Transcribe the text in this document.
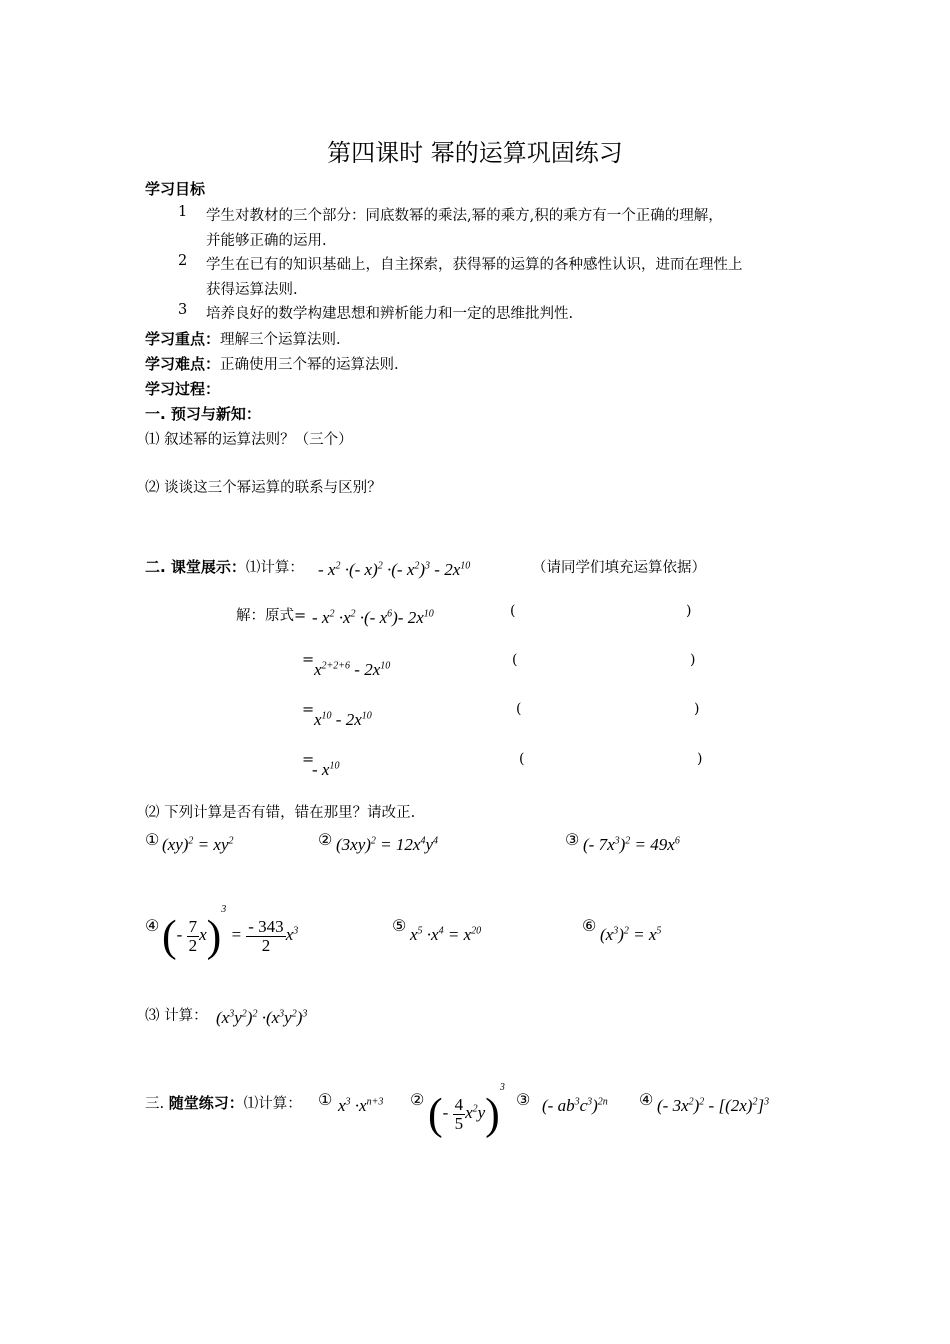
第四课时 幂的运算巩固练习
学习目标
1 学生对教材的三个部分：同底数幂的乘法,幂的乘方,积的乘方有一个正确的理解，
并能够正确的运用.
2 学生在已有的知识基础上，自主探索，获得幂的运算的各种感性认识，进而在理性上
获得运算法则.
3 培养良好的数学构建思想和辨析能力和一定的思维批判性.
学习重点：理解三个运算法则.
学习难点：正确使用三个幂的运算法则.
学习过程：
一. 预习与新知：
⑴ 叙述幂的运算法则？（三个）
⑵ 谈谈这三个幂运算的联系与区别？
二. 课堂展示：⑴计算： - $x^2$ ·(- x)$^2$ ·(- $x^2)^3 - 2x^{10}$	（请同学们填充运算依据）
解：原式= - $x^2 \cdot x^2$ ·(- $x^6)-$ $2x^{10}$	(	)
= $x^{2+2+6} - 2x^{10}$	(	)
= $x^{10} - 2x^{10}$	(	)
=
- $x^{10}$	(	)
⑵ 下列计算是否有错，错在那里？请改正.
① $(xy)^2 = xy^2$	② $(3xy)^2 = 12x^4y^4$	③ (- $7x^3)^2 = 49x^6$
④ (- $\frac{7}{2} x)^3 = \frac{- 343}{2} x^3$	⑤ $x^5 \cdot x^4 = x^{20}$	⑥ $(x^3)^2 = x^5$
⑶ 计算： $(x^3y^2)^2 \cdot(x^3y^2)^3$
三. 随堂练习：⑴计算： ① $x^3 \cdot x^{n+3}$ ② (- $\frac{4}{5} x^2y)^3$
③ (- $ab^3c^3)^{2n}$ ④ (- $3x^2)^2 - [(2x)^2]^3$
